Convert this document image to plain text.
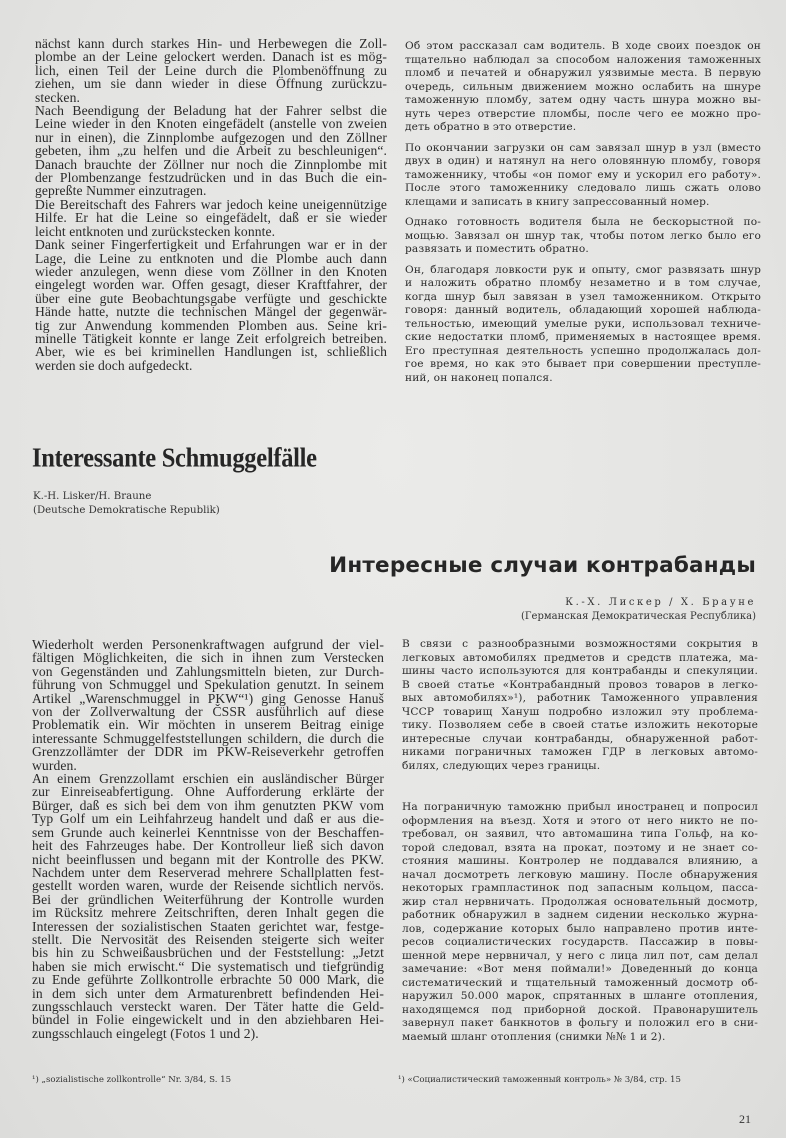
nächst kann durch starkes Hin- und Herbewegen die Zoll-
plombe an der Leine gelockert werden. Danach ist es mög-
lich, einen Teil der Leine durch die Plombenöffnung zu
ziehen, um sie dann wieder in diese Öffnung zurückzu-
stecken.
Nach Beendigung der Beladung hat der Fahrer selbst die
Leine wieder in den Knoten eingefädelt (anstelle von zweien
nur in einen), die Zinnplombe aufgezogen und den Zöllner
gebeten, ihm „zu helfen und die Arbeit zu beschleunigen“.
Danach brauchte der Zöllner nur noch die Zinnplombe mit
der Plombenzange festzudrücken und in das Buch die ein-
gepreßte Nummer einzutragen.
Die Bereitschaft des Fahrers war jedoch keine uneigennützige
Hilfe. Er hat die Leine so eingefädelt, daß er sie wieder
leicht entknoten und zurückstecken konnte.
Dank seiner Fingerfertigkeit und Erfahrungen war er in der
Lage, die Leine zu entknoten und die Plombe auch dann
wieder anzulegen, wenn diese vom Zöllner in den Knoten
eingelegt worden war. Offen gesagt, dieser Kraftfahrer, der
über eine gute Beobachtungsgabe verfügte und geschickte
Hände hatte, nutzte die technischen Mängel der gegenwär-
tig zur Anwendung kommenden Plomben aus. Seine kri-
minelle Tätigkeit konnte er lange Zeit erfolgreich betreiben.
Aber, wie es bei kriminellen Handlungen ist, schließlich
werden sie doch aufgedeckt.
Об этом рассказал сам водитель. В ходе своих поездок он
тщательно наблюдал за способом наложения таможенных
пломб и печатей и обнаружил уязвимые места. В первую
очередь, сильным движением можно ослабить на шнуре
таможенную пломбу, затем одну часть шнура можно вы-
нуть через отверстие пломбы, после чего ее можно про-
деть обратно в это отверстие.
По окончании загрузки он сам завязал шнур в узл (вместо
двух в один) и натянул на него оловянную пломбу, говоря
таможеннику, чтобы «он помог ему и ускорил его работу».
После этого таможеннику следовало лишь сжать олово
клещами и записать в книгу запрессованный номер.
Однако готовность водителя была не бескорыстной по-
мощью. Завязал он шнур так, чтобы потом легко было его
развязать и поместить обратно.
Он, благодаря ловкости рук и опыту, смог развязать шнур
и наложить обратно пломбу незаметно и в том случае,
когда шнур был завязан в узел таможенником. Открыто
говоря: данный водитель, обладающий хорошей наблюда-
тельностью, имеющий умелые руки, использовал техниче-
ские недостатки пломб, применяемых в настоящее время.
Его преступная деятельность успешно продолжалась дол-
гое время, но как это бывает при совершении преступле-
ний, он наконец попался.
Interessante Schmuggelfälle
K.-H. Lisker/H. Braune
(Deutsche Demokratische Republik)
Интересные случаи контрабанды
К.-Х. Лискер / Х. Брауне
(Германская Демократическая Республика)
Wiederholt werden Personenkraftwagen aufgrund der viel-
fältigen Möglichkeiten, die sich in ihnen zum Verstecken
von Gegenständen und Zahlungsmitteln bieten, zur Durch-
führung von Schmuggel und Spekulation genutzt. In seinem
Artikel „Warenschmuggel in PKW“¹) ging Genosse Hanuš
von der Zollverwaltung der ČSSR ausführlich auf diese
Problematik ein. Wir möchten in unserem Beitrag einige
interessante Schmuggelfeststellungen schildern, die durch die
Grenzzollämter der DDR im PKW-Reiseverkehr getroffen
wurden.
An einem Grenzzollamt erschien ein ausländischer Bürger
zur Einreiseabfertigung. Ohne Aufforderung erklärte der
Bürger, daß es sich bei dem von ihm genutzten PKW vom
Typ Golf um ein Leihfahrzeug handelt und daß er aus die-
sem Grunde auch keinerlei Kenntnisse von der Beschaffen-
heit des Fahrzeuges habe. Der Kontrolleur ließ sich davon
nicht beeinflussen und begann mit der Kontrolle des PKW.
Nachdem unter dem Reserverad mehrere Schallplatten fest-
gestellt worden waren, wurde der Reisende sichtlich nervös.
Bei der gründlichen Weiterführung der Kontrolle wurden
im Rücksitz mehrere Zeitschriften, deren Inhalt gegen die
Interessen der sozialistischen Staaten gerichtet war, festge-
stellt. Die Nervosität des Reisenden steigerte sich weiter
bis hin zu Schweißausbrüchen und der Feststellung: „Jetzt
haben sie mich erwischt.“ Die systematisch und tiefgründig
zu Ende geführte Zollkontrolle erbrachte 50 000 Mark, die
in dem sich unter dem Armaturenbrett befindenden Hei-
zungsschlauch versteckt waren. Der Täter hatte die Geld-
bündel in Folie eingewickelt und in den abziehbaren Hei-
zungsschlauch eingelegt (Fotos 1 und 2).
В связи с разнообразными возможностями сокрытия в
легковых автомобилях предметов и средств платежа, ма-
шины часто используются для контрабанды и спекуляции.
В своей статье «Контрабандный провоз товаров в легко-
вых автомобилях»¹), работник Таможенного управления
ЧССР товарищ Хануш подробно изложил эту проблема-
тику. Позволяем себе в своей статье изложить некоторые
интересные случаи контрабанды, обнаруженной работ-
никами пограничных таможен ГДР в легковых автомо-
билях, следующих через границы.
На пограничную таможню прибыл иностранец и попросил
оформления на въезд. Хотя и этого от него никто не по-
требовал, он заявил, что автомашина типа Гольф, на ко-
торой следовал, взята на прокат, поэтому и не знает со-
стояния машины. Контролер не поддавался влиянию, а
начал досмотреть легковую машину. После обнаружения
некоторых грампластинок под запасным кольцом, пасса-
жир стал нервничать. Продолжая основательный досмотр,
работник обнаружил в заднем сидении несколько журна-
лов, содержание которых было направлено против инте-
ресов социалистических государств. Пассажир в повы-
шенной мере нервничал, у него с лица лил пот, сам делал
замечание: «Вот меня поймали!» Доведенный до конца
систематический и тщательный таможенный досмотр об-
наружил 50.000 марок, спрятанных в шланге отопления,
находящемся под приборной доской. Правонарушитель
завернул пакет банкнотов в фольгу и положил его в сни-
маемый шланг отопления (снимки №№ 1 и 2).
¹) „sozialistische zollkontrolle“ Nr. 3/84, S. 15	¹) «Социалистический таможенный контроль» № 3/84, стр. 15
21
